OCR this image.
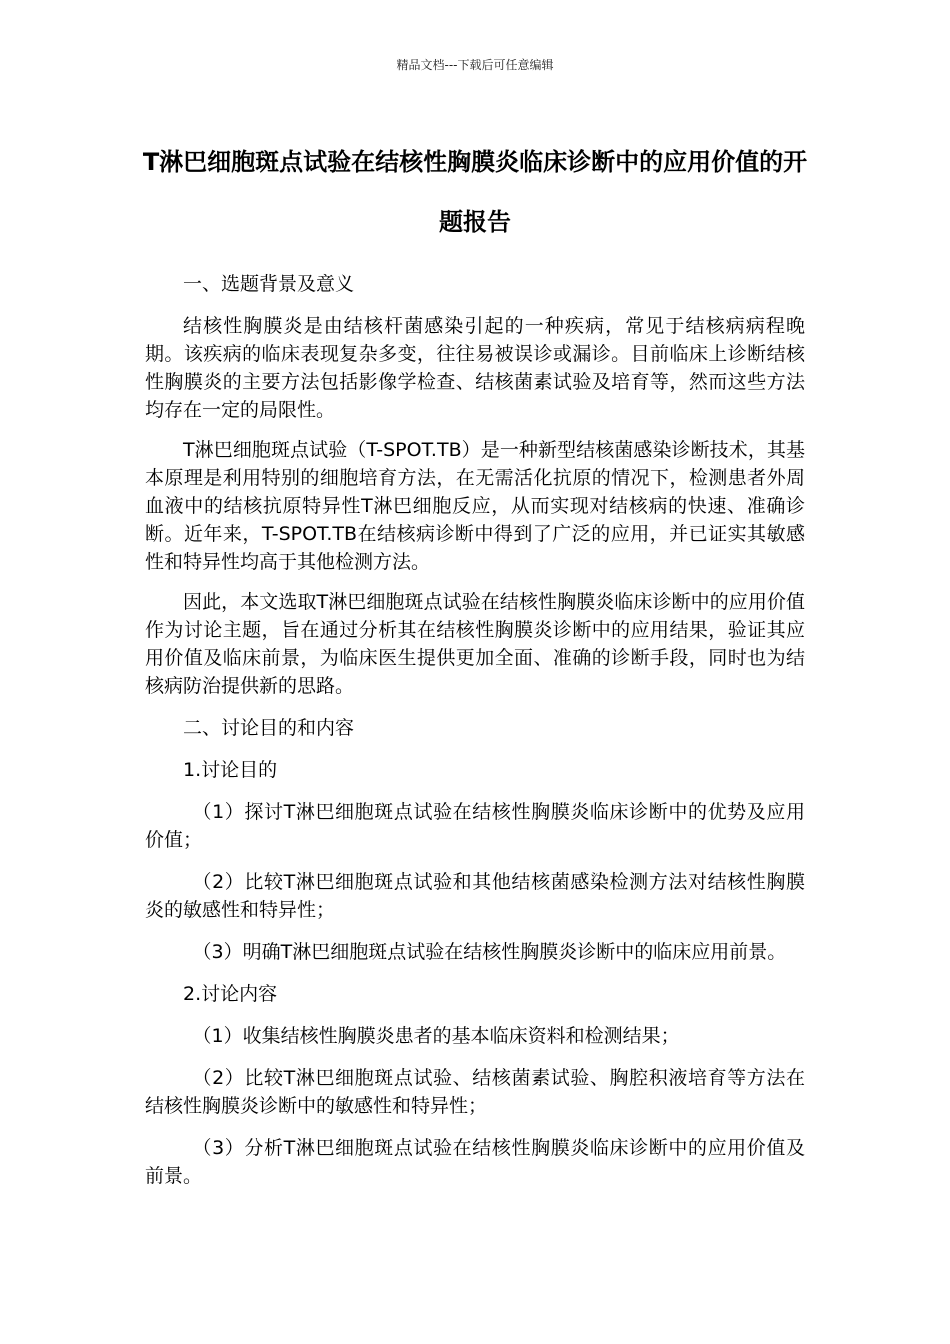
精品文档---下载后可任意编辑
T淋巴细胞斑点试验在结核性胸膜炎临床诊断中的应用价值的开题报告

一、选题背景及意义

结核性胸膜炎是由结核杆菌感染引起的一种疾病，常见于结核病病程晚期。该疾病的临床表现复杂多变，往往易被误诊或漏诊。目前临床上诊断结核性胸膜炎的主要方法包括影像学检查、结核菌素试验及培育等，然而这些方法均存在一定的局限性。

T淋巴细胞斑点试验（T-SPOT.TB）是一种新型结核菌感染诊断技术，其基本原理是利用特别的细胞培育方法，在无需活化抗原的情况下，检测患者外周血液中的结核抗原特异性T淋巴细胞反应，从而实现对结核病的快速、准确诊断。近年来，T-SPOT.TB在结核病诊断中得到了广泛的应用，并已证实其敏感性和特异性均高于其他检测方法。

因此，本文选取T淋巴细胞斑点试验在结核性胸膜炎临床诊断中的应用价值作为讨论主题，旨在通过分析其在结核性胸膜炎诊断中的应用结果，验证其应用价值及临床前景，为临床医生提供更加全面、准确的诊断手段，同时也为结核病防治提供新的思路。

二、讨论目的和内容

1.讨论目的

（1）探讨T淋巴细胞斑点试验在结核性胸膜炎临床诊断中的优势及应用价值；

（2）比较T淋巴细胞斑点试验和其他结核菌感染检测方法对结核性胸膜炎的敏感性和特异性；

（3）明确T淋巴细胞斑点试验在结核性胸膜炎诊断中的临床应用前景。

2.讨论内容

（1）收集结核性胸膜炎患者的基本临床资料和检测结果；

（2）比较T淋巴细胞斑点试验、结核菌素试验、胸腔积液培育等方法在结核性胸膜炎诊断中的敏感性和特异性；

（3）分析T淋巴细胞斑点试验在结核性胸膜炎临床诊断中的应用价值及前景。
